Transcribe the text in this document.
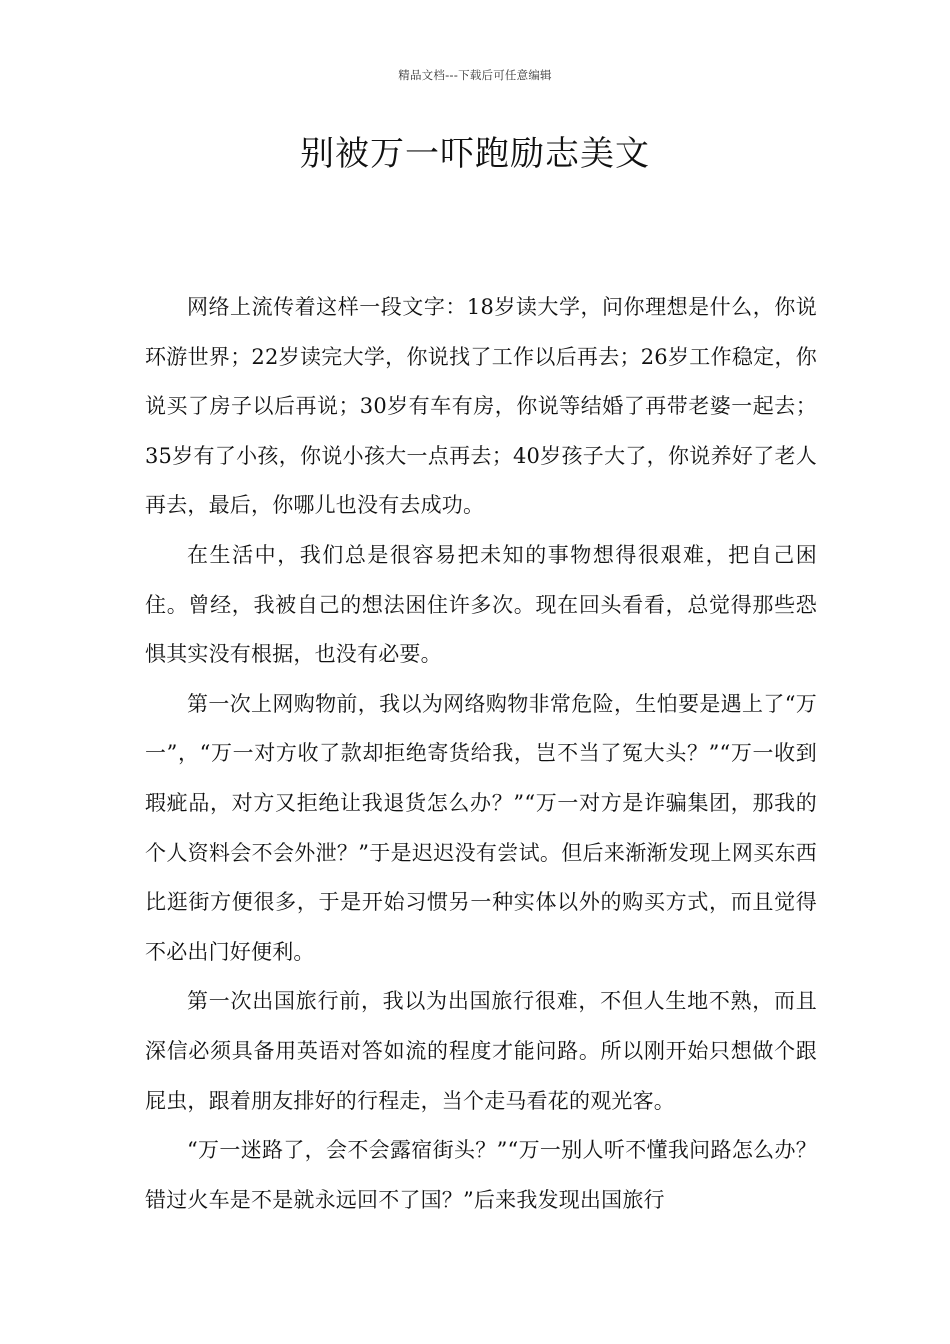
精品文档---下载后可任意编辑
别被万一吓跑励志美文

网络上流传着这样一段文字：18岁读大学，问你理想是什么，你说环游世界；22岁读完大学，你说找了工作以后再去；26岁工作稳定，你说买了房子以后再说；30岁有车有房，你说等结婚了再带老婆一起去；35岁有了小孩，你说小孩大一点再去；40岁孩子大了，你说养好了老人再去，最后，你哪儿也没有去成功。

在生活中，我们总是很容易把未知的事物想得很艰难，把自己困住。曾经，我被自己的想法困住许多次。现在回头看看，总觉得那些恐惧其实没有根据，也没有必要。

第一次上网购物前，我以为网络购物非常危险，生怕要是遇上了“万一”，“万一对方收了款却拒绝寄货给我，岂不当了冤大头？”“万一收到瑕疵品，对方又拒绝让我退货怎么办？”“万一对方是诈骗集团，那我的个人资料会不会外泄？”于是迟迟没有尝试。但后来渐渐发现上网买东西比逛街方便很多，于是开始习惯另一种实体以外的购买方式，而且觉得不必出门好便利。

第一次出国旅行前，我以为出国旅行很难，不但人生地不熟，而且深信必须具备用英语对答如流的程度才能问路。所以刚开始只想做个跟屁虫，跟着朋友排好的行程走，当个走马看花的观光客。

“万一迷路了，会不会露宿街头？”“万一别人听不懂我问路怎么办？错过火车是不是就永远回不了国？”后来我发现出国旅行
